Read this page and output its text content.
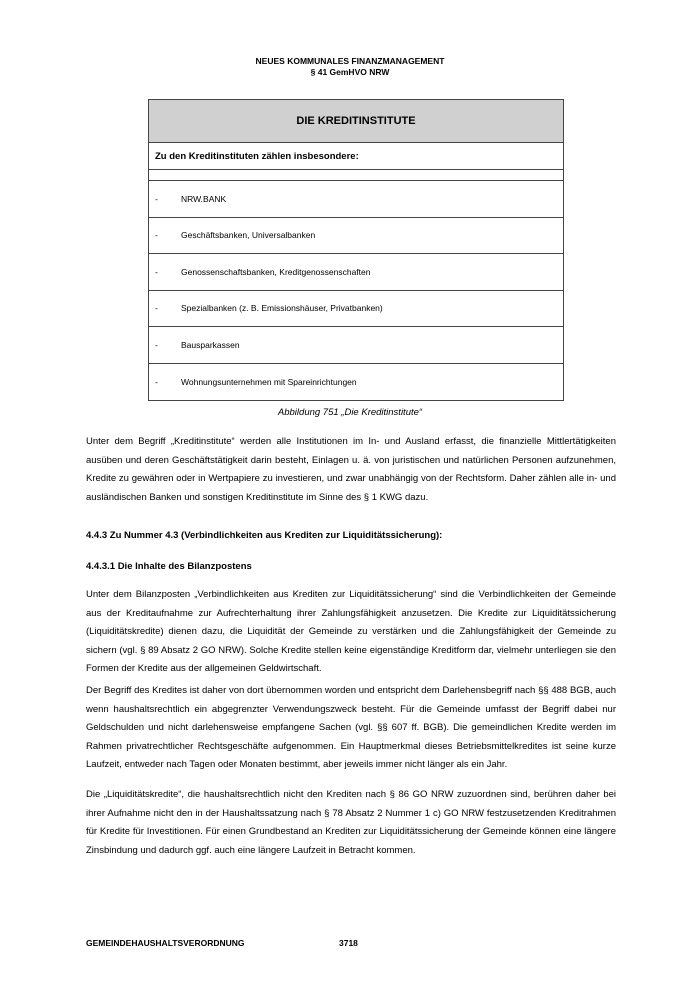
NEUES KOMMUNALES FINANZMANAGEMENT
§ 41 GemHVO NRW
DIE KREDITINSTITUTE
Zu den Kreditinstituten zählen insbesondere:
-	NRW.BANK
-	Geschäftsbanken, Universalbanken
-	Genossenschaftsbanken, Kreditgenossenschaften
-	Spezialbanken (z. B. Emissionshäuser, Privatbanken)
-	Bausparkassen
-	Wohnungsunternehmen mit Spareinrichtungen
Abbildung 751 „Die Kreditinstitute“
Unter dem Begriff „Kreditinstitute“ werden alle Institutionen im In- und Ausland erfasst, die finanzielle Mittlertätigkeiten ausüben und deren Geschäftstätigkeit darin besteht, Einlagen u. ä. von juristischen und natürlichen Personen aufzunehmen, Kredite zu gewähren oder in Wertpapiere zu investieren, und zwar unabhängig von der Rechtsform. Daher zählen alle in- und ausländischen Banken und sonstigen Kreditinstitute im Sinne des § 1 KWG dazu.
4.4.3 Zu Nummer 4.3 (Verbindlichkeiten aus Krediten zur Liquiditätssicherung):
4.4.3.1 Die Inhalte des Bilanzpostens
Unter dem Bilanzposten „Verbindlichkeiten aus Krediten zur Liquiditätssicherung“ sind die Verbindlichkeiten der Gemeinde aus der Kreditaufnahme zur Aufrechterhaltung ihrer Zahlungsfähigkeit anzusetzen. Die Kredite zur Liquiditätssicherung (Liquiditätskredite) dienen dazu, die Liquidität der Gemeinde zu verstärken und die Zahlungsfähigkeit der Gemeinde zu sichern (vgl. § 89 Absatz 2 GO NRW). Solche Kredite stellen keine eigenständige Kreditform dar, vielmehr unterliegen sie den Formen der Kredite aus der allgemeinen Geldwirtschaft.
Der Begriff des Kredites ist daher von dort übernommen worden und entspricht dem Darlehensbegriff nach §§ 488 BGB, auch wenn haushaltsrechtlich ein abgegrenzter Verwendungszweck besteht. Für die Gemeinde umfasst der Begriff dabei nur Geldschulden und nicht darlehensweise empfangene Sachen (vgl. §§ 607 ff. BGB). Die gemeindlichen Kredite werden im Rahmen privatrechtlicher Rechtsgeschäfte aufgenommen. Ein Hauptmerkmal dieses Betriebsmittelkredites ist seine kurze Laufzeit, entweder nach Tagen oder Monaten bestimmt, aber jeweils immer nicht länger als ein Jahr.
Die „Liquiditätskredite“, die haushaltsrechtlich nicht den Krediten nach § 86 GO NRW zuzuordnen sind, berühren daher bei ihrer Aufnahme nicht den in der Haushaltssatzung nach § 78 Absatz 2 Nummer 1 c) GO NRW festzusetzenden Kreditrahmen für Kredite für Investitionen. Für einen Grundbestand an Krediten zur Liquiditätssicherung der Gemeinde können eine längere Zinsbindung und dadurch ggf. auch eine längere Laufzeit in Betracht kommen.
GEMEINDEHAUSHALTSVERORDNUNG	3718
